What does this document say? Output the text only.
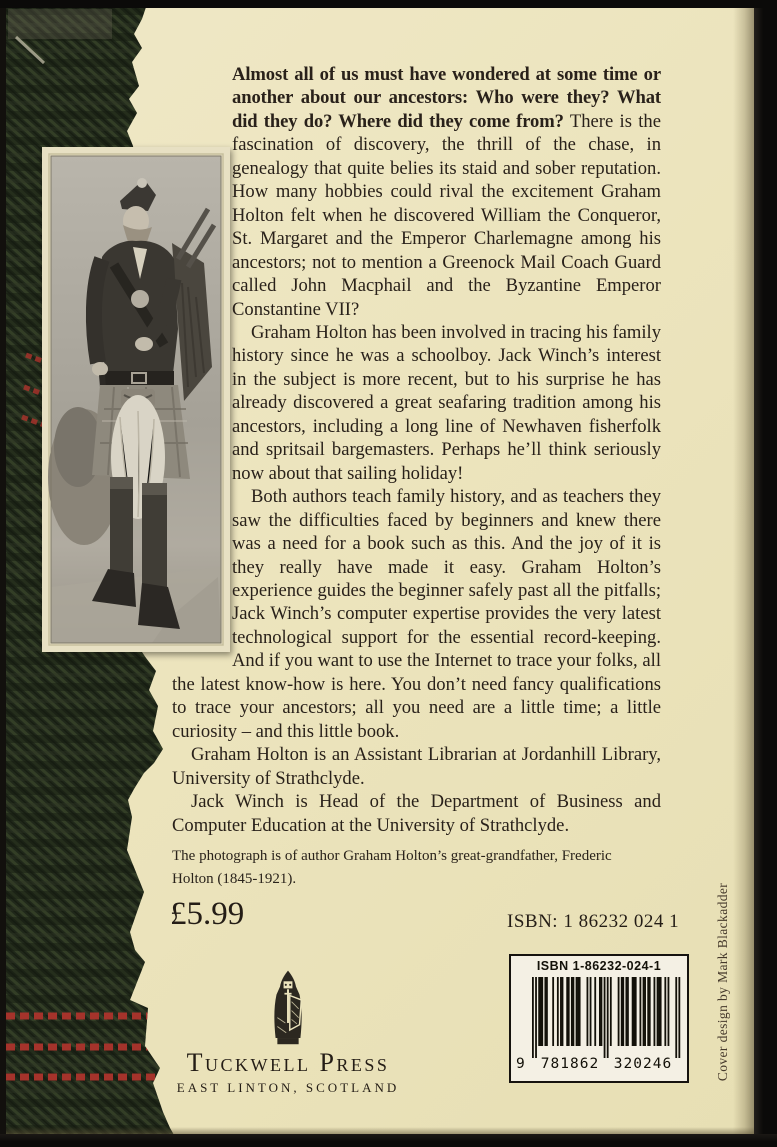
Almost all of us must have wondered at some time or another about our ancestors: Who were they? What did they do? Where did they come from? There is the fascination of discovery, the thrill of the chase, in genealogy that quite belies its staid and sober reputation. How many hobbies could rival the excitement Graham Holton felt when he discovered William the Conqueror, St. Margaret and the Emperor Charlemagne among his ancestors; not to mention a Greenock Mail Coach Guard called John Macphail and the Byzantine Emperor Constantine VII?

Graham Holton has been involved in tracing his family history since he was a schoolboy. Jack Winch’s interest in the subject is more recent, but to his surprise he has already discovered a great seafaring tradition among his ancestors, including a long line of Newhaven fisherfolk and spritsail bargemasters. Perhaps he’ll think seriously now about that sailing holiday!

Both authors teach family history, and as teachers they saw the difficulties faced by beginners and knew there was a need for a book such as this. And the joy of it is they really have made it easy. Graham Holton’s experience guides the beginner safely past all the pitfalls; Jack Winch’s computer expertise provides the very latest technological support for the essential record-keeping. And if you want to use the Internet to trace your folks, all the latest know-how is here. You don’t need fancy qualifications to trace your ancestors; all you need are a little time; a little curiosity – and this little book.

Graham Holton is an Assistant Librarian at Jordanhill Library, University of Strathclyde.

Jack Winch is Head of the Department of Business and Computer Education at the University of Strathclyde.

The photograph is of author Graham Holton’s great-grandfather, Frederic Holton (1845-1921).
£5.99	ISBN: 1 86232 024 1
ISBN 1-86232-024-1
9 781862 320246
Tuckwell Press
EAST LINTON, SCOTLAND
Cover design by Mark Blackadder
